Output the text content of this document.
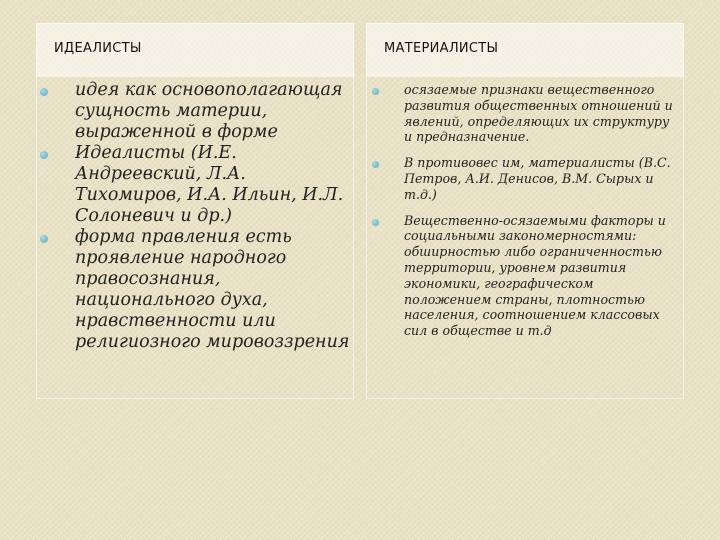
ИДЕАЛИСТЫ	МАТЕРИАЛИСТЫ
идея как основополагающая сущность материи, выраженной в форме
Идеалисты (И.Е. Андреевский, Л.А. Тихомиров, И.А. Ильин, И.Л. Солоневич и др.)
форма правления есть проявление народного правосознания, национального духа, нравственности или религиозного мировоззрения
осязаемые признаки вещественного развития общественных отношений и явлений, определяющих их структуру и предназначение.
В противовес им, материалисты (В.С. Петров, А.И. Денисов, В.М. Сырых и т.д.)
Вещественно-осязаемыми факторы и социальными закономерностями: обширностью либо ограниченностью территории, уровнем развития экономики, географическом положением страны, плотностью населения, соотношением классовых сил в обществе и т.д
